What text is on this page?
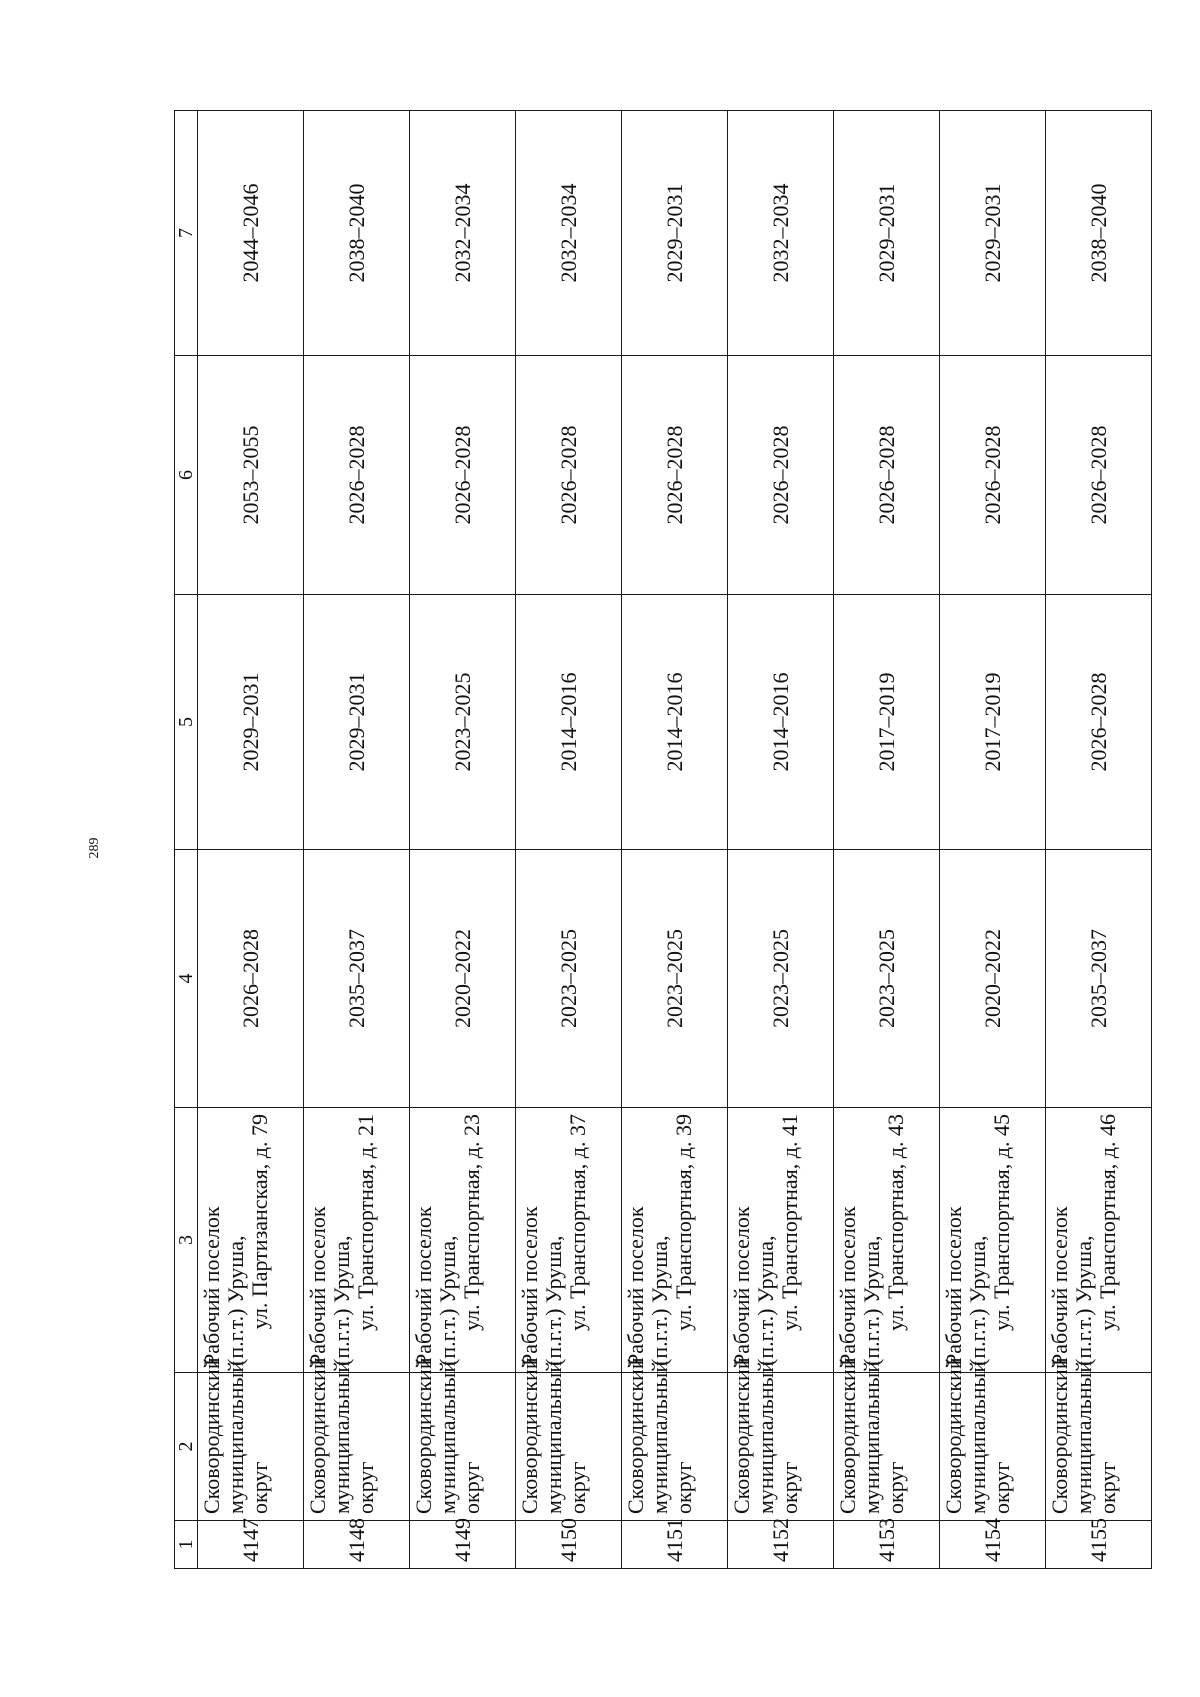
289
1	2	3	4	5	6	7
4147	Сковородинский муниципальный округ	Рабочий поселок (п.г.т.) Уруша, ул. Партизанская, д. 79	2026–2028	2029–2031	2053–2055	2044–2046
4148	Сковородинский муниципальный округ	Рабочий поселок (п.г.т.) Уруша, ул. Транспортная, д. 21	2035–2037	2029–2031	2026–2028	2038–2040
4149	Сковородинский муниципальный округ	Рабочий поселок (п.г.т.) Уруша, ул. Транспортная, д. 23	2020–2022	2023–2025	2026–2028	2032–2034
4150	Сковородинский муниципальный округ	Рабочий поселок (п.г.т.) Уруша, ул. Транспортная, д. 37	2023–2025	2014–2016	2026–2028	2032–2034
4151	Сковородинский муниципальный округ	Рабочий поселок (п.г.т.) Уруша, ул. Транспортная, д. 39	2023–2025	2014–2016	2026–2028	2029–2031
4152	Сковородинский муниципальный округ	Рабочий поселок (п.г.т.) Уруша, ул. Транспортная, д. 41	2023–2025	2014–2016	2026–2028	2032–2034
4153	Сковородинский муниципальный округ	Рабочий поселок (п.г.т.) Уруша, ул. Транспортная, д. 43	2023–2025	2017–2019	2026–2028	2029–2031
4154	Сковородинский муниципальный округ	Рабочий поселок (п.г.т.) Уруша, ул. Транспортная, д. 45	2020–2022	2017–2019	2026–2028	2029–2031
4155	Сковородинский муниципальный округ	Рабочий поселок (п.г.т.) Уруша, ул. Транспортная, д. 46	2035–2037	2026–2028	2026–2028	2038–2040
